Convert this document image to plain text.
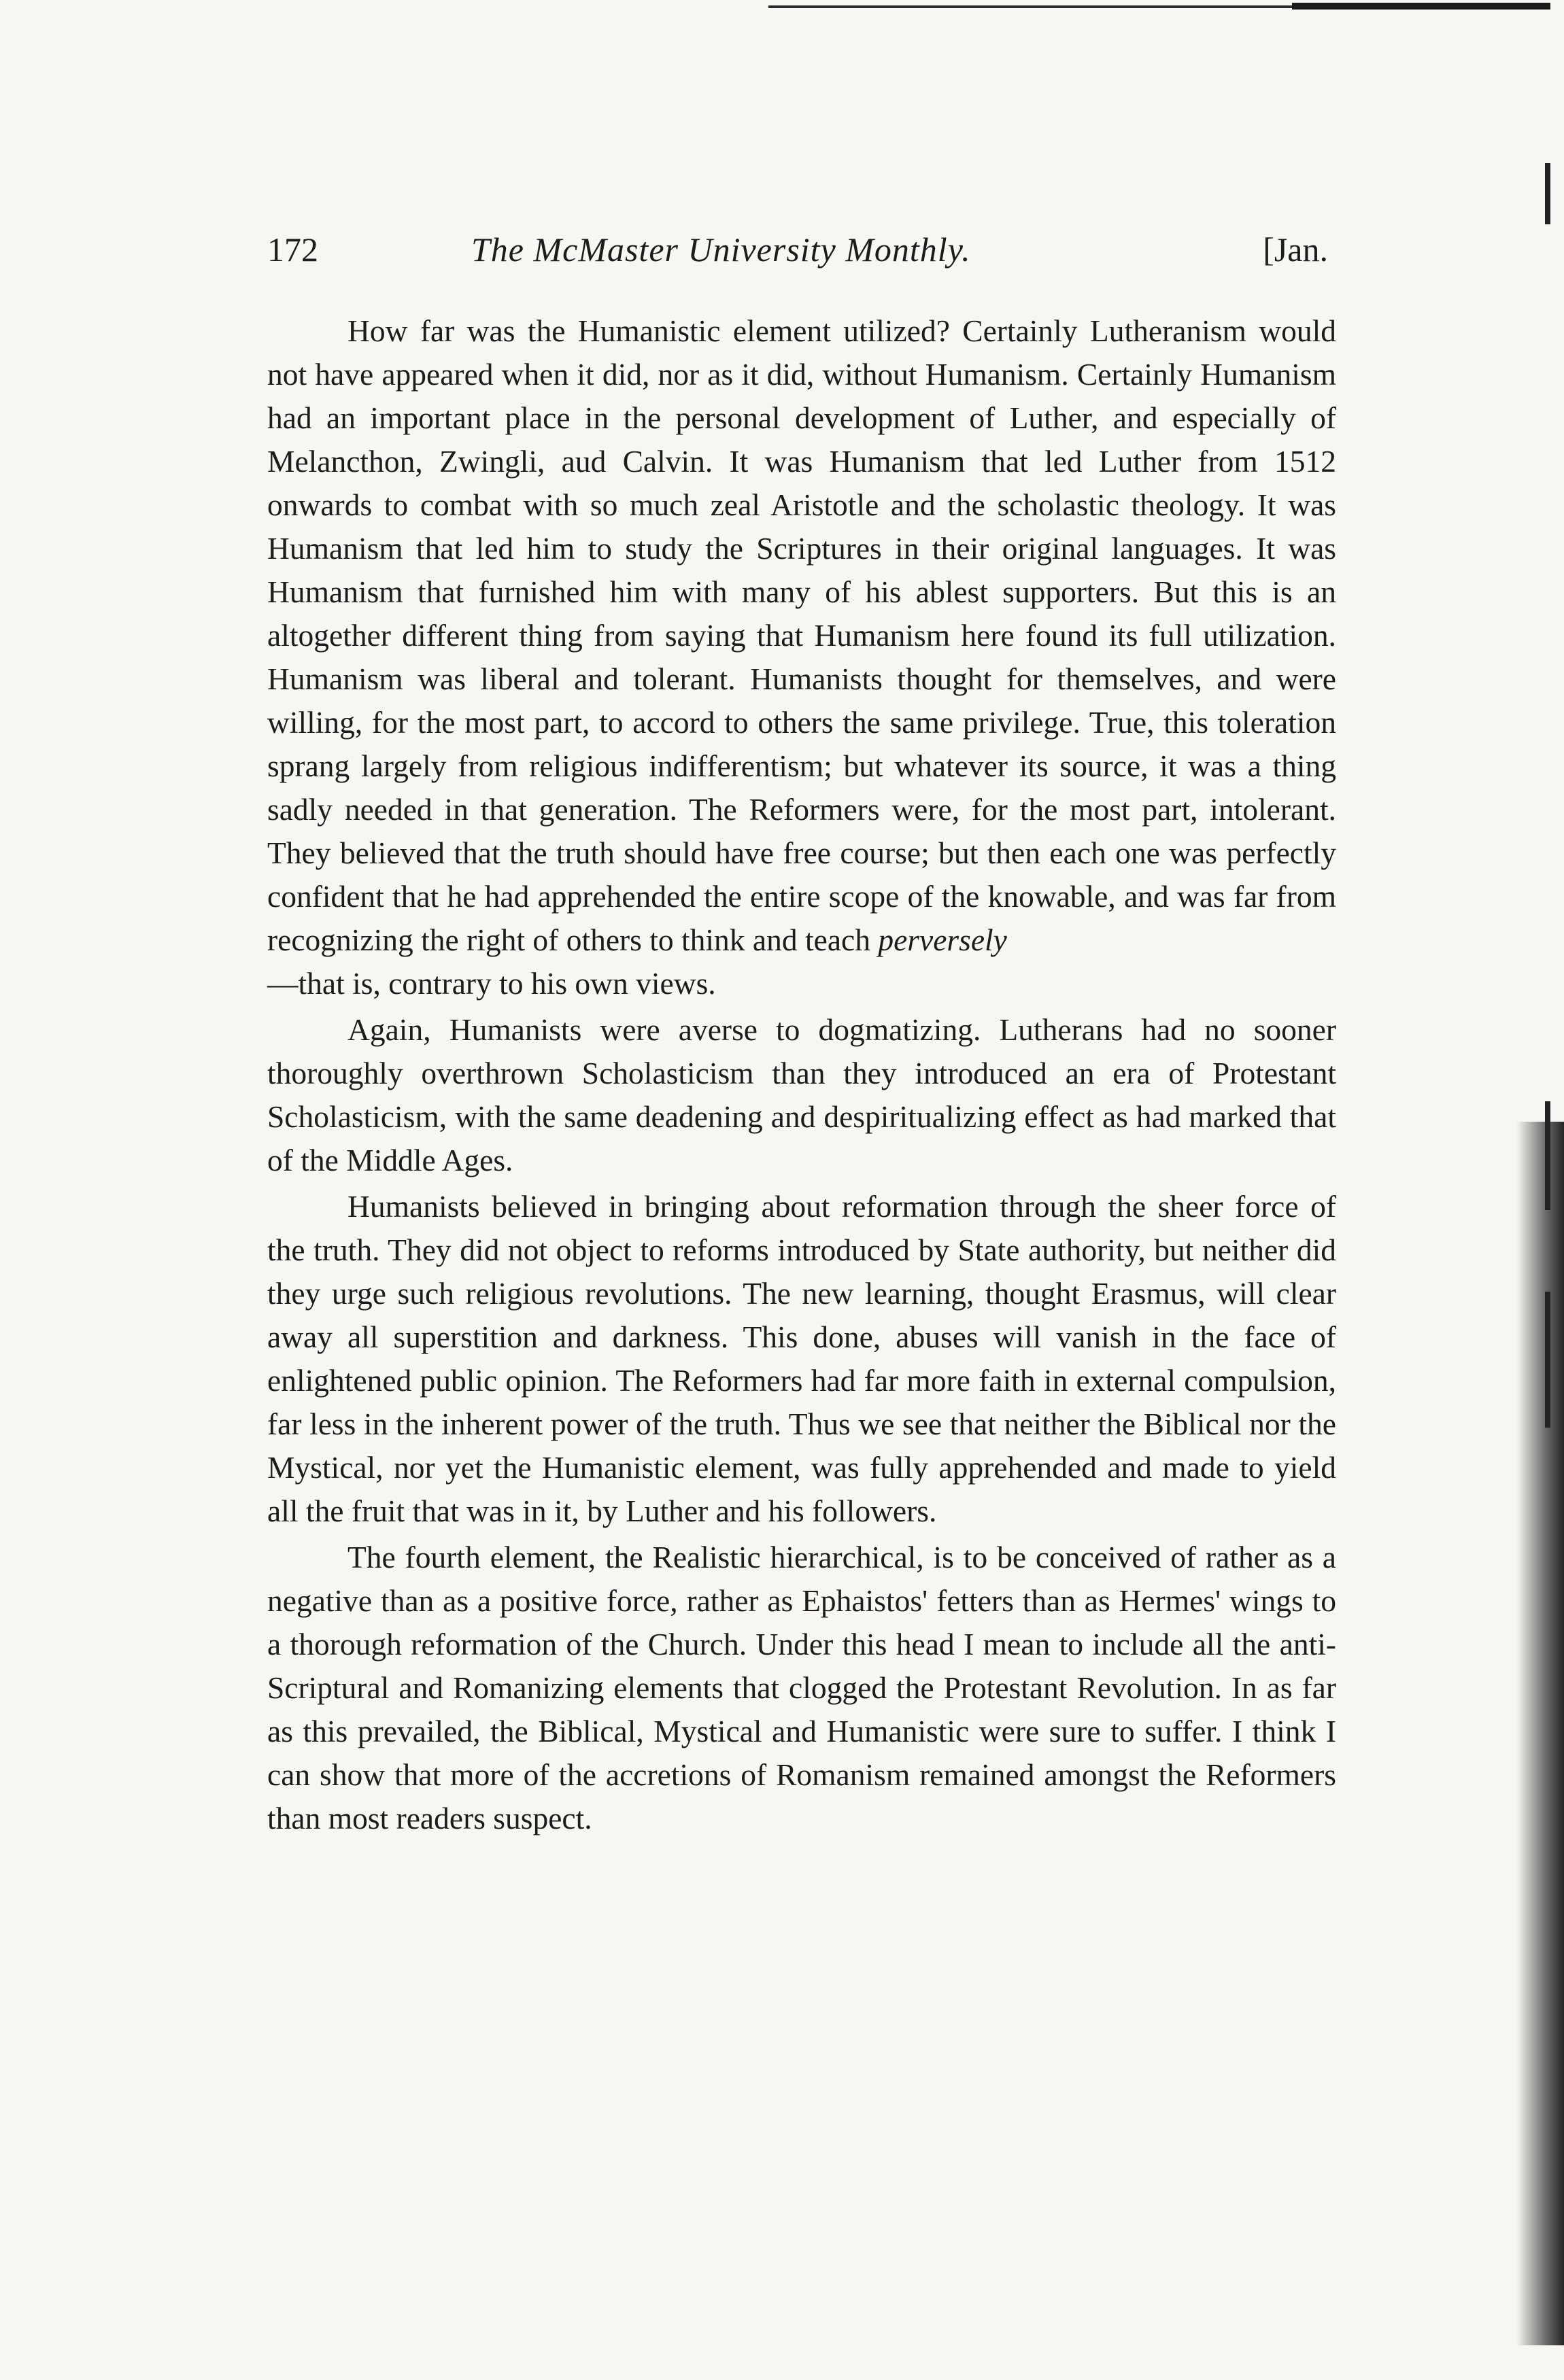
172	The McMaster University Monthly.	[Jan.

How far was the Humanistic element utilized? Certainly Lutheranism would not have appeared when it did, nor as it did, without Humanism. Certainly Humanism had an important place in the personal development of Luther, and especially of Melancthon, Zwingli, aud Calvin. It was Humanism that led Luther from 1512 onwards to combat with so much zeal Aristotle and the scholastic theology. It was Humanism that led him to study the Scriptures in their original languages. It was Humanism that furnished him with many of his ablest supporters. But this is an altogether different thing from saying that Humanism here found its full utilization. Humanism was liberal and tolerant. Humanists thought for themselves, and were willing, for the most part, to accord to others the same privilege. True, this toleration sprang largely from religious indifferentism; but whatever its source, it was a thing sadly needed in that generation. The Reformers were, for the most part, intolerant. They believed that the truth should have free course; but then each one was perfectly confident that he had apprehended the entire scope of the knowable, and was far from recognizing the right of others to think and teach perversely
—that is, contrary to his own views.

Again, Humanists were averse to dogmatizing. Lutherans had no sooner thoroughly overthrown Scholasticism than they introduced an era of Protestant Scholasticism, with the same deadening and despiritualizing effect as had marked that of the Middle Ages.

Humanists believed in bringing about reformation through the sheer force of the truth. They did not object to reforms introduced by State authority, but neither did they urge such religious revolutions. The new learning, thought Erasmus, will clear away all superstition and darkness. This done, abuses will vanish in the face of enlightened public opinion. The Reformers had far more faith in external compulsion, far less in the inherent power of the truth. Thus we see that neither the Biblical nor the Mystical, nor yet the Humanistic element, was fully apprehended and made to yield all the fruit that was in it, by Luther and his followers.

The fourth element, the Realistic hierarchical, is to be conceived of rather as a negative than as a positive force, rather as Ephaistos' fetters than as Hermes' wings to a thorough reformation of the Church. Under this head I mean to include all the anti-Scriptural and Romanizing elements that clogged the Protestant Revolution. In as far as this prevailed, the Biblical, Mystical and Humanistic were sure to suffer. I think I can show that more of the accretions of Romanism remained amongst the Reformers than most readers suspect.
